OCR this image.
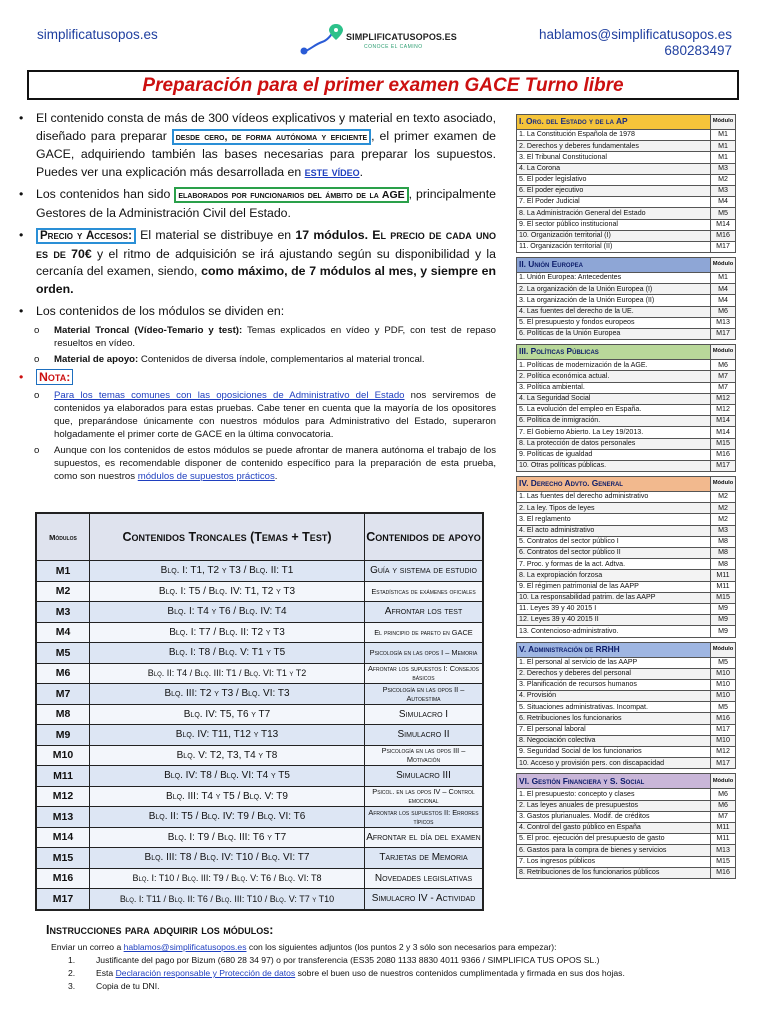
simplificatusopos.es	SIMPLIFICATUSOPOS.ES
CONOCE EL CAMINO
hablamos@simplificatusopos.es
680283497
Preparación para el primer examen GACE Turno libre
• El contenido consta de más de 300 vídeos explicativos y material en texto asociado, diseñado para preparar desde cero, de forma autónoma y eficiente , el primer examen de GACE, adquiriendo también las bases necesarias para preparar los supuestos. Puedes ver una explicación más desarrollada en este vídeo.
• Los contenidos han sido elaborados por funcionarios del ámbito de la AGE , principalmente Gestores de la Administración Civil del Estado.
• Precio y Accesos: El material se distribuye en 17 módulos. El precio de cada uno es de 70€ y el ritmo de adquisición se irá ajustando según su disponibilidad y la cercanía del examen, siendo, como máximo, de 7 módulos al mes, y siempre en orden.
• Los contenidos de los módulos se dividen en:
o Material Troncal (Vídeo-Temario y test): Temas explicados en vídeo y PDF, con test de repaso resueltos en vídeo.
o Material de apoyo: Contenidos de diversa índole, complementarios al material troncal.
• Nota:
o Para los temas comunes con las oposiciones de Administrativo del Estado nos serviremos de contenidos ya elaborados para estas pruebas. Cabe tener en cuenta que la mayoría de los opositores que, preparándose únicamente con nuestros módulos para Administrativo del Estado, superaron holgadamente el primer corte de GACE en la última convocatoria.
o Aunque con los contenidos de estos módulos se puede afrontar de manera autónoma el trabajo de los supuestos, es recomendable disponer de contenido específico para la preparación de esta prueba, como son nuestros módulos de supuestos prácticos.
Módulos	Contenidos Troncales (Temas + Test)	Contenidos de apoyo
M1	Blq. I: T1, T2 y T3 / Blq. II: T1	Guía y sistema de estudio
M2	Blq. I: T5 / Blq. IV: T1, T2 y T3	Estadísticas de exámenes oficiales
M3	Blq. I: T4 y T6 / Blq. IV: T4	Afrontar los test
M4	Blq. I: T7 / Blq. II: T2 y T3	El principio de pareto en GACE
M5	Blq. I: T8 / Blq. V: T1 y T5	Psicología en las opos I – Memoria
M6	Blq. II: T4 / Blq. III: T1 / Blq. VI: T1 y T2	Afrontar los supuestos I: Consejos básicos
M7	Blq. III: T2 y T3 / Blq. VI: T3	Psicología en las opos II – Autoestima
M8	Blq. IV: T5, T6 y T7	Simulacro I
M9	Blq. IV: T11, T12 y T13	Simulacro II
M10	Blq. V: T2, T3, T4 y T8	Psicología en las opos III – Motivación
M11	Blq. IV: T8 / Blq. VI: T4 y T5	Simulacro III
M12	Blq. III: T4 y T5 / Blq. V: T9	Psicol. en las opos IV – Control emocional
M13	Blq. II: T5 / Blq. IV: T9 / Blq. VI: T6	Afrontar los supuestos II: Errores típicos
M14	Blq. I: T9 / Blq. III: T6 y T7	Afrontar el día del examen
M15	Blq. III: T8 / Blq. IV: T10 / Blq. VI: T7	Tarjetas de Memoria
M16	Blq. I: T10 / Blq. III: T9 / Blq. V: T6 / Blq. VI: T8	Novedades legislativas
M17	Blq. I: T11 / Blq. II: T6 / Blq. III: T10 / Blq. V: T7 y T10	Simulacro IV - Actividad
I. Org. del Estado y de la AP	Módulo
1. La Constitución Española de 1978	M1
2. Derechos y deberes fundamentales	M1
3. El Tribunal Constitucional	M1
4. La Corona	M3
5. El poder legislativo	M2
6. El poder ejecutivo	M3
7. El Poder Judicial	M4
8. La Administración General del Estado	M5
9. El sector público institucional	M14
10. Organización territorial (I)	M16
11. Organización territorial (II)	M17
II. Unión Europea	Módulo
1. Unión Europea: Antecedentes	M1
2. La organización de la Unión Europea (I)	M4
3. La organización de la Unión Europea (II)	M4
4. Las fuentes del derecho de la UE.	M6
5. El presupuesto y fondos europeos	M13
6. Políticas de la Unión Europea	M17
III. Políticas Públicas	Módulo
1. Políticas de modernización de la AGE.	M6
2. Política económica actual.	M7
3. Política ambiental.	M7
4. La Seguridad Social	M12
5. La evolución del empleo en España.	M12
6. Política de inmigración.	M14
7. El Gobierno Abierto. La Ley 19/2013.	M14
8. La protección de datos personales	M15
9. Políticas de igualdad	M16
10. Otras políticas públicas.	M17
IV. Derecho Advto. General	Módulo
1. Las fuentes del derecho administrativo	M2
2. La ley. Tipos de leyes	M2
3. El reglamento	M2
4. El acto administrativo	M3
5. Contratos del sector público I	M8
6. Contratos del sector público II	M8
7. Proc. y formas de la act. Adtva.	M8
8. La expropiación forzosa	M11
9. El régimen patrimonial de las AAPP	M11
10. La responsabilidad patrim. de las AAPP	M15
11. Leyes 39 y 40 2015 I	M9
12. Leyes 39 y 40 2015 II	M9
13. Contencioso-administrativo.	M9
V. Administración de RRHH	Módulo
1. El personal al servicio de las AAPP	M5
2. Derechos y deberes del personal	M10
3. Planificación de recursos humanos	M10
4. Provisión	M10
5. Situaciones administrativas. Incompat.	M5
6. Retribuciones los funcionarios	M16
7. El personal laboral	M17
8. Negociación colectiva	M10
9. Seguridad Social de los funcionarios	M12
10. Acceso y provisión pers. con discapacidad	M17
VI. Gestión Financiera y S. Social	Módulo
1. El presupuesto: concepto y clases	M6
2. Las leyes anuales de presupuestos	M6
3. Gastos plurianuales. Modif. de créditos	M7
4. Control del gasto público en España	M11
5. El proc. ejecución del presupuesto de gasto	M11
6. Gastos para la compra de bienes y servicios	M13
7. Los ingresos públicos	M15
8. Retribuciones de los funcionarios públicos	M16
Instrucciones para adquirir los módulos:
Enviar un correo a hablamos@simplificatusopos.es con los siguientes adjuntos (los puntos 2 y 3 sólo son necesarios para empezar):
1. Justificante del pago por Bizum (680 28 34 97) o por transferencia (ES35 2080 1133 8830 4011 9366 / SIMPLIFICA TUS OPOS SL.)
2. Esta Declaración responsable y Protección de datos sobre el buen uso de nuestros contenidos cumplimentada y firmada en sus dos hojas.
3. Copia de tu DNI.
